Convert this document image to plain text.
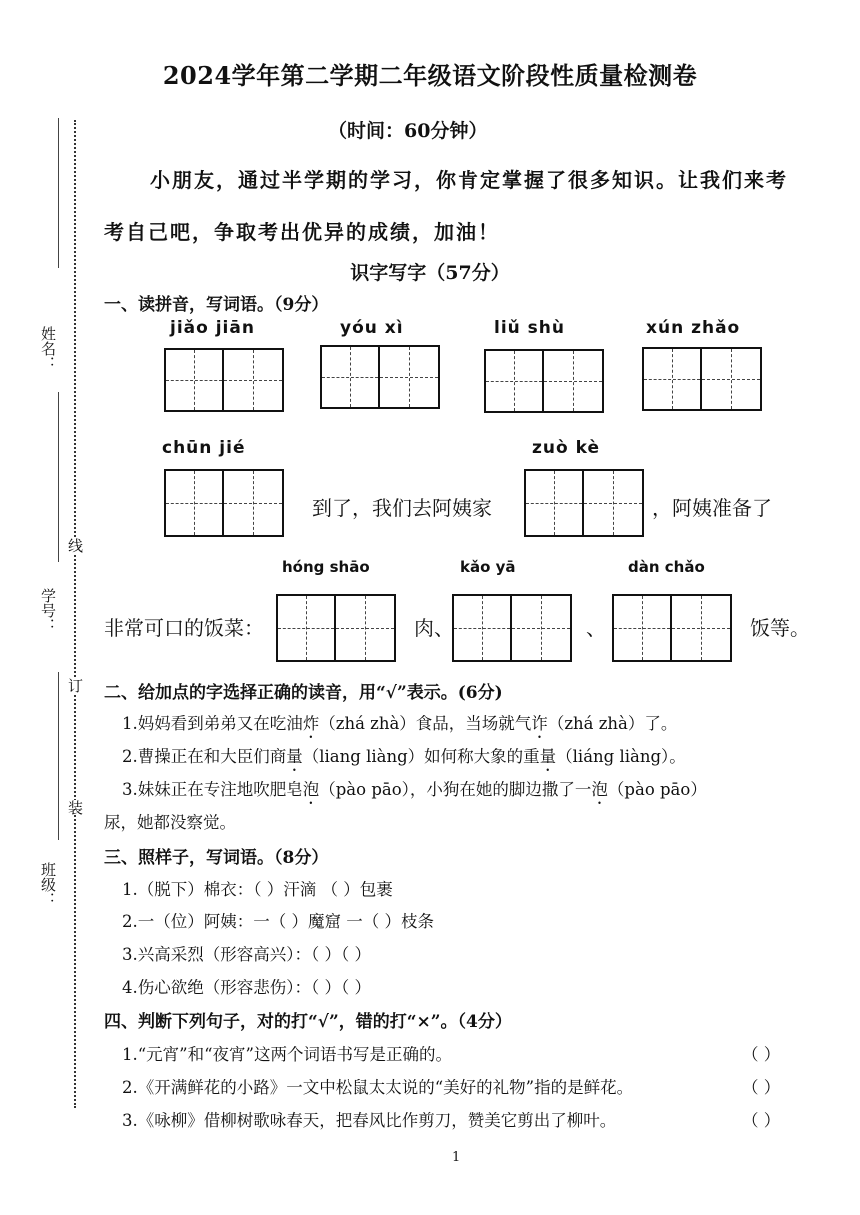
姓名：
学号：
班级：
线
订
装
2024学年第二学期二年级语文阶段性质量检测卷
（时间：60分钟）
小朋友，通过半学期的学习，你肯定掌握了很多知识。让我们来考
考自己吧，争取考出优异的成绩，加油！
识字写字（57分）
一、读拼音，写词语。（9分）
jiǎo jiān	yóu xì	liǔ shù	xún zhǎo
chūn jié	zuò kè
到了，我们去阿姨家	，阿姨准备了
hóng shāo	kǎo yā	dàn chǎo
非常可口的饭菜：	肉、	、	饭等。
二、给加点的字选择正确的读音，用“√”表示。(6分)
1.妈妈看到弟弟又在吃油炸（zhá zhà）食品，当场就气诈（zhá zhà）了。
2.曹操正在和大臣们商量（liang liàng）如何称大象的重量（liáng liàng）。
3.妹妹正在专注地吹肥皂泡（pào pāo），小狗在她的脚边撒了一泡（pào pāo）
尿，她都没察觉。
三、照样子，写词语。（8分）
1.（脱下）棉衣：（ ）汗滴 （ ）包裹
2.一（位）阿姨：一（ ）魔窟 一（ ）枝条
3.兴高采烈（形容高兴）：（ ）（ ）
4.伤心欲绝（形容悲伤）：（ ）（ ）
四、判断下列句子，对的打“√”，错的打“×”。（4分）
1.“元宵”和“夜宵”这两个词语书写是正确的。	（ ）
2.《开满鲜花的小路》一文中松鼠太太说的“美好的礼物”指的是鲜花。	（ ）
3.《咏柳》借柳树歌咏春天，把春风比作剪刀，赞美它剪出了柳叶。	（ ）
1
